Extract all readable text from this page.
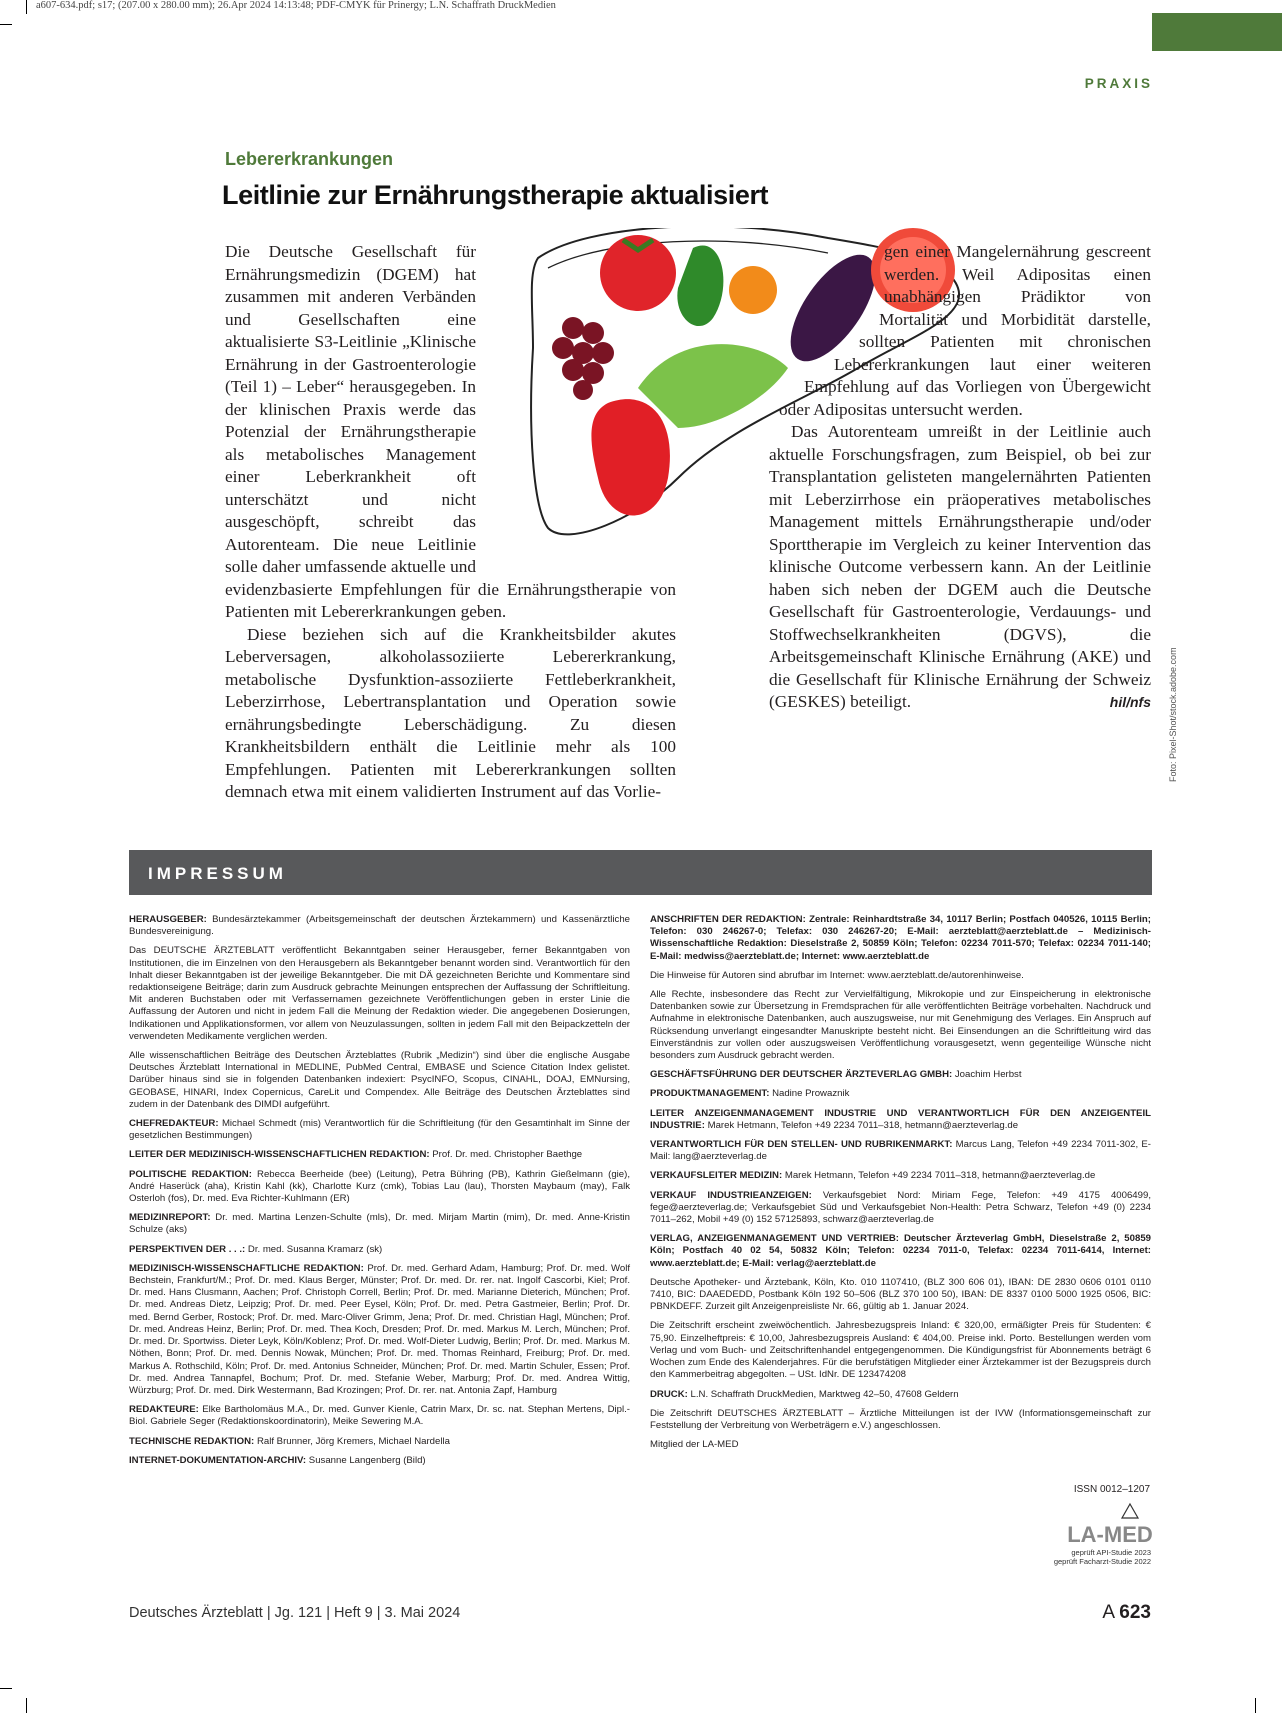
a607-634.pdf; s17; (207.00 x 280.00 mm); 26.Apr 2024 14:13:48; PDF-CMYK für Prinergy; L.N. Schaffrath DruckMedien
PRAXIS
Lebererkrankungen
Leitlinie zur Ernährungstherapie aktualisiert

Die Deutsche Gesellschaft für Ernährungsmedizin (DGEM) hat zusammen mit anderen Verbänden und Gesellschaften eine aktualisierte S3-Leitlinie „Klinische Ernährung in der Gastroenterologie (Teil 1) – Leber“ herausgegeben. In der klinischen Praxis werde das Potenzial der Ernährungstherapie als metabolisches Management einer Leberkrankheit oft unterschätzt und nicht ausgeschöpft, schreibt das Autorenteam. Die neue Leitlinie solle daher umfassende aktuelle und evidenzbasierte Empfehlungen für die Ernährungstherapie von Patienten mit Lebererkrankungen geben.

Diese beziehen sich auf die Krankheitsbilder akutes Leberversagen, alkoholassoziierte Lebererkrankung, metabolische Dysfunktion-assoziierte Fettleberkrankheit, Leberzirrhose, Lebertransplantation und Operation sowie ernährungsbedingte Leberschädigung. Zu diesen Krankheitsbildern enthält die Leitlinie mehr als 100 Empfehlungen. Patienten mit Lebererkrankungen sollten demnach etwa mit einem validierten Instrument auf das Vorlie-

gen einer Mangelernährung gescreent werden. Weil Adipositas einen unabhängigen Prädiktor von Mortalität und Morbidität darstelle, sollten Patienten mit chronischen Lebererkrankungen laut einer weiteren Empfehlung auf das Vorliegen von Übergewicht oder Adipositas untersucht werden.

Das Autorenteam umreißt in der Leitlinie auch aktuelle Forschungsfragen, zum Beispiel, ob bei zur Transplantation gelisteten mangelernährten Patienten mit Leberzirrhose ein präoperatives metabolisches Management mittels Ernährungstherapie und/oder Sporttherapie im Vergleich zu keiner Intervention das klinische Outcome verbessern kann. An der Leitlinie haben sich neben der DGEM auch die Deutsche Gesellschaft für Gastroenterologie, Verdauungs- und Stoffwechselkrankheiten (DGVS), die Arbeitsgemeinschaft Klinische Ernährung (AKE) und die Gesellschaft für Klinische Ernährung der Schweiz (GESKES) beteiligt.	hil/nfs Foto: Pixel-Shot/stock.adobe.com
IMPRESSUM

HERAUSGEBER: Bundesärztekammer (Arbeitsgemeinschaft der deutschen Ärztekammern) und Kassenärztliche Bundesvereinigung.

Das DEUTSCHE ÄRZTEBLATT veröffentlicht Bekanntgaben seiner Herausgeber, ferner Bekanntgaben von Institutionen, die im Einzelnen von den Herausgebern als Bekanntgeber benannt worden sind. Verantwortlich für den Inhalt dieser Bekanntgaben ist der jeweilige Bekanntgeber. Die mit DÄ gezeichneten Berichte und Kommentare sind redaktionseigene Beiträge; darin zum Ausdruck gebrachte Meinungen entsprechen der Auffassung der Schriftleitung. Mit anderen Buchstaben oder mit Verfassernamen gezeichnete Veröffentlichungen geben in erster Linie die Auffassung der Autoren und nicht in jedem Fall die Meinung der Redaktion wieder. Die angegebenen Dosierungen, Indikationen und Applikationsformen, vor allem von Neuzulassungen, sollten in jedem Fall mit den Beipackzetteln der verwendeten Medikamente verglichen werden.

Alle wissenschaftlichen Beiträge des Deutschen Ärzteblattes (Rubrik „Medizin“) sind über die englische Ausgabe Deutsches Ärzteblatt International in MEDLINE, PubMed Central, EMBASE und Science Citation Index gelistet. Darüber hinaus sind sie in folgenden Datenbanken indexiert: PsycINFO, Scopus, CINAHL, DOAJ, EMNursing, GEOBASE, HINARI, Index Copernicus, CareLit und Compendex. Alle Beiträge des Deutschen Ärzteblattes sind zudem in der Datenbank des DIMDI aufgeführt.

CHEFREDAKTEUR: Michael Schmedt (mis) Verantwortlich für die Schriftleitung (für den Gesamtinhalt im Sinne der gesetzlichen Bestimmungen)

LEITER DER MEDIZINISCH-WISSENSCHAFTLICHEN REDAKTION: Prof. Dr. med. Christopher Baethge

POLITISCHE REDAKTION: Rebecca Beerheide (bee) (Leitung), Petra Bühring (PB), Kathrin Gießelmann (gie), André Haserück (aha), Kristin Kahl (kk), Charlotte Kurz (cmk), Tobias Lau (lau), Thorsten Maybaum (may), Falk Osterloh (fos), Dr. med. Eva Richter-Kuhlmann (ER)

MEDIZINREPORT: Dr. med. Martina Lenzen-Schulte (mls), Dr. med. Mirjam Martin (mim), Dr. med. Anne-Kristin Schulze (aks)

PERSPEKTIVEN DER . . .: Dr. med. Susanna Kramarz (sk)

MEDIZINISCH-WISSENSCHAFTLICHE REDAKTION: Prof. Dr. med. Gerhard Adam, Hamburg; Prof. Dr. med. Wolf Bechstein, Frankfurt/M.; Prof. Dr. med. Klaus Berger, Münster; Prof. Dr. med. Dr. rer. nat. Ingolf Cascorbi, Kiel; Prof. Dr. med. Hans Clusmann, Aachen; Prof. Christoph Correll, Berlin; Prof. Dr. med. Marianne Dieterich, München; Prof. Dr. med. Andreas Dietz, Leipzig; Prof. Dr. med. Peer Eysel, Köln; Prof. Dr. med. Petra Gastmeier, Berlin; Prof. Dr. med. Bernd Gerber, Rostock; Prof. Dr. med. Marc-Oliver Grimm, Jena; Prof. Dr. med. Christian Hagl, München; Prof. Dr. med. Andreas Heinz, Berlin; Prof. Dr. med. Thea Koch, Dresden; Prof. Dr. med. Markus M. Lerch, München; Prof. Dr. med. Dr. Sportwiss. Dieter Leyk, Köln/Koblenz; Prof. Dr. med. Wolf-Dieter Ludwig, Berlin; Prof. Dr. med. Markus M. Nöthen, Bonn; Prof. Dr. med. Dennis Nowak, München; Prof. Dr. med. Thomas Reinhard, Freiburg; Prof. Dr. med. Markus A. Rothschild, Köln; Prof. Dr. med. Antonius Schneider, München; Prof. Dr. med. Martin Schuler, Essen; Prof. Dr. med. Andrea Tannapfel, Bochum; Prof. Dr. med. Stefanie Weber, Marburg; Prof. Dr. med. Andrea Wittig, Würzburg; Prof. Dr. med. Dirk Westermann, Bad Krozingen; Prof. Dr. rer. nat. Antonia Zapf, Hamburg

REDAKTEURE: Elke Bartholomäus M.A., Dr. med. Gunver Kienle, Catrin Marx, Dr. sc. nat. Stephan Mertens, Dipl.-Biol. Gabriele Seger (Redaktionskoordinatorin), Meike Sewering M.A.

TECHNISCHE REDAKTION: Ralf Brunner, Jörg Kremers, Michael Nardella

INTERNET-DOKUMENTATION-ARCHIV: Susanne Langenberg (Bild)

ANSCHRIFTEN DER REDAKTION: Zentrale: Reinhardtstraße 34, 10117 Berlin; Postfach 040526, 10115 Berlin; Telefon: 030 246267-0; Telefax: 030 246267-20; E-Mail: aerzteblatt@aerzteblatt.de – Medizinisch-Wissenschaftliche Redaktion: Dieselstraße 2, 50859 Köln; Telefon: 02234 7011-570; Telefax: 02234 7011-140; E-Mail: medwiss@aerzteblatt.de; Internet: www.aerzteblatt.de

Die Hinweise für Autoren sind abrufbar im Internet: www.aerzteblatt.de/autorenhinweise.

Alle Rechte, insbesondere das Recht zur Vervielfältigung, Mikrokopie und zur Einspeicherung in elektronische Datenbanken sowie zur Übersetzung in Fremdsprachen für alle veröffentlichten Beiträge vorbehalten. Nachdruck und Aufnahme in elektronische Datenbanken, auch auszugsweise, nur mit Genehmigung des Verlages. Ein Anspruch auf Rücksendung unverlangt eingesandter Manuskripte besteht nicht. Bei Einsendungen an die Schriftleitung wird das Einverständnis zur vollen oder auszugsweisen Veröffentlichung vorausgesetzt, wenn gegenteilige Wünsche nicht besonders zum Ausdruck gebracht werden.

GESCHÄFTSFÜHRUNG DER DEUTSCHER ÄRZTEVERLAG GMBH: Joachim Herbst

PRODUKTMANAGEMENT: Nadine Prowaznik

LEITER ANZEIGENMANAGEMENT INDUSTRIE UND VERANTWORTLICH FÜR DEN ANZEIGENTEIL INDUSTRIE: Marek Hetmann, Telefon +49 2234 7011–318, hetmann@aerzteverlag.de

VERANTWORTLICH FÜR DEN STELLEN- UND RUBRIKENMARKT: Marcus Lang, Telefon +49 2234 7011-302, E-Mail: lang@aerzteverlag.de

VERKAUFSLEITER MEDIZIN: Marek Hetmann, Telefon +49 2234 7011–318, hetmann@aerzteverlag.de

VERKAUF INDUSTRIEANZEIGEN: Verkaufsgebiet Nord: Miriam Fege, Telefon: +49 4175 4006499, fege@aerzteverlag.de; Verkaufsgebiet Süd und Verkaufsgebiet Non-Health: Petra Schwarz, Telefon +49 (0) 2234 7011–262, Mobil +49 (0) 152 57125893, schwarz@aerzteverlag.de

VERLAG, ANZEIGENMANAGEMENT UND VERTRIEB: Deutscher Ärzteverlag GmbH, Dieselstraße 2, 50859 Köln; Postfach 40 02 54, 50832 Köln; Telefon: 02234 7011-0, Telefax: 02234 7011-6414, Internet: www.aerzteblatt.de; E-Mail: verlag@aerzteblatt.de

Deutsche Apotheker- und Ärztebank, Köln, Kto. 010 1107410, (BLZ 300 606 01), IBAN: DE 2830 0606 0101 0110 7410, BIC: DAAEDEDD, Postbank Köln 192 50–506 (BLZ 370 100 50), IBAN: DE 8337 0100 5000 1925 0506, BIC: PBNKDEFF. Zurzeit gilt Anzeigenpreisliste Nr. 66, gültig ab 1. Januar 2024.

Die Zeitschrift erscheint zweiwöchentlich. Jahresbezugspreis Inland: € 320,00, ermäßigter Preis für Studenten: € 75,90. Einzelheftpreis: € 10,00, Jahresbezugspreis Ausland: € 404,00. Preise inkl. Porto. Bestellungen werden vom Verlag und vom Buch- und Zeitschriftenhandel entgegengenommen. Die Kündigungsfrist für Abonnements beträgt 6 Wochen zum Ende des Kalenderjahres. Für die berufstätigen Mitglieder einer Ärztekammer ist der Bezugspreis durch den Kammerbeitrag abgegolten. – USt. IdNr. DE 123474208

DRUCK: L.N. Schaffrath DruckMedien, Marktweg 42–50, 47608 Geldern

Die Zeitschrift DEUTSCHES ÄRZTEBLATT – Ärztliche Mitteilungen ist der IVW (Informationsgemeinschaft zur Feststellung der Verbreitung von Werbeträgern e.V.) angeschlossen.

Mitglied der LA-MED

ISSN 0012–1207
LA-MED
geprüft API-Studie 2023
geprüft Facharzt-Studie 2022
Deutsches Ärzteblatt | Jg. 121 | Heft 9 | 3. Mai 2024	A 623
